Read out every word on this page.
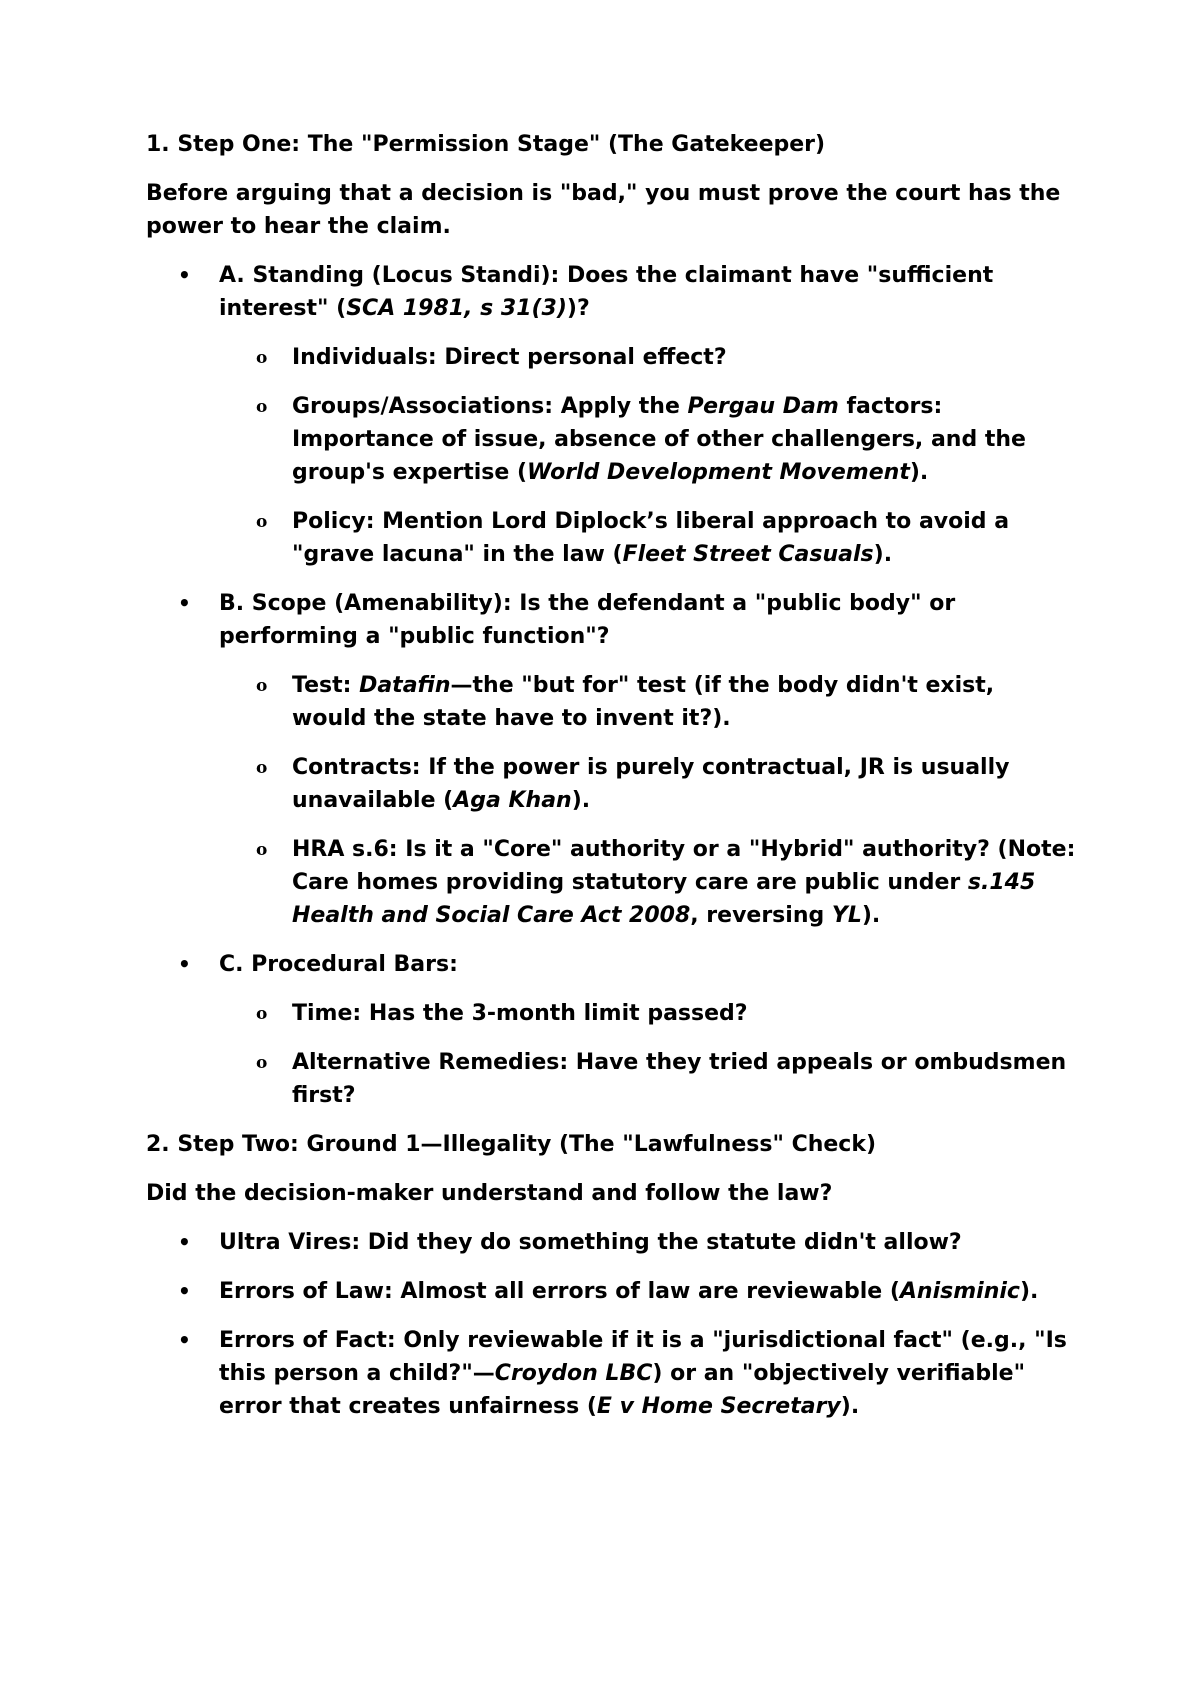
1. Step One: The "Permission Stage" (The Gatekeeper)

Before arguing that a decision is "bad," you must prove the court has the power to hear the claim.

• A. Standing (Locus Standi): Does the claimant have "sufficient interest" (SCA 1981, s 31(3))?
o Individuals: Direct personal effect?
o Groups/Associations: Apply the Pergau Dam factors: Importance of issue, absence of other challengers, and the group's expertise (World Development Movement).
o Policy: Mention Lord Diplock’s liberal approach to avoid a "grave lacuna" in the law (Fleet Street Casuals).
• B. Scope (Amenability): Is the defendant a "public body" or performing a "public function"?
o Test: Datafin—the "but for" test (if the body didn't exist, would the state have to invent it?).
o Contracts: If the power is purely contractual, JR is usually unavailable (Aga Khan).
o HRA s.6: Is it a "Core" authority or a "Hybrid" authority? (Note: Care homes providing statutory care are public under s.145 Health and Social Care Act 2008, reversing YL).
• C. Procedural Bars:
o Time: Has the 3-month limit passed?
o Alternative Remedies: Have they tried appeals or ombudsmen first?

2. Step Two: Ground 1—Illegality (The "Lawfulness" Check)

Did the decision-maker understand and follow the law?

• Ultra Vires: Did they do something the statute didn't allow?
• Errors of Law: Almost all errors of law are reviewable (Anisminic).
• Errors of Fact: Only reviewable if it is a "jurisdictional fact" (e.g., "Is this person a child?"—Croydon LBC) or an "objectively verifiable" error that creates unfairness (E v Home Secretary).
